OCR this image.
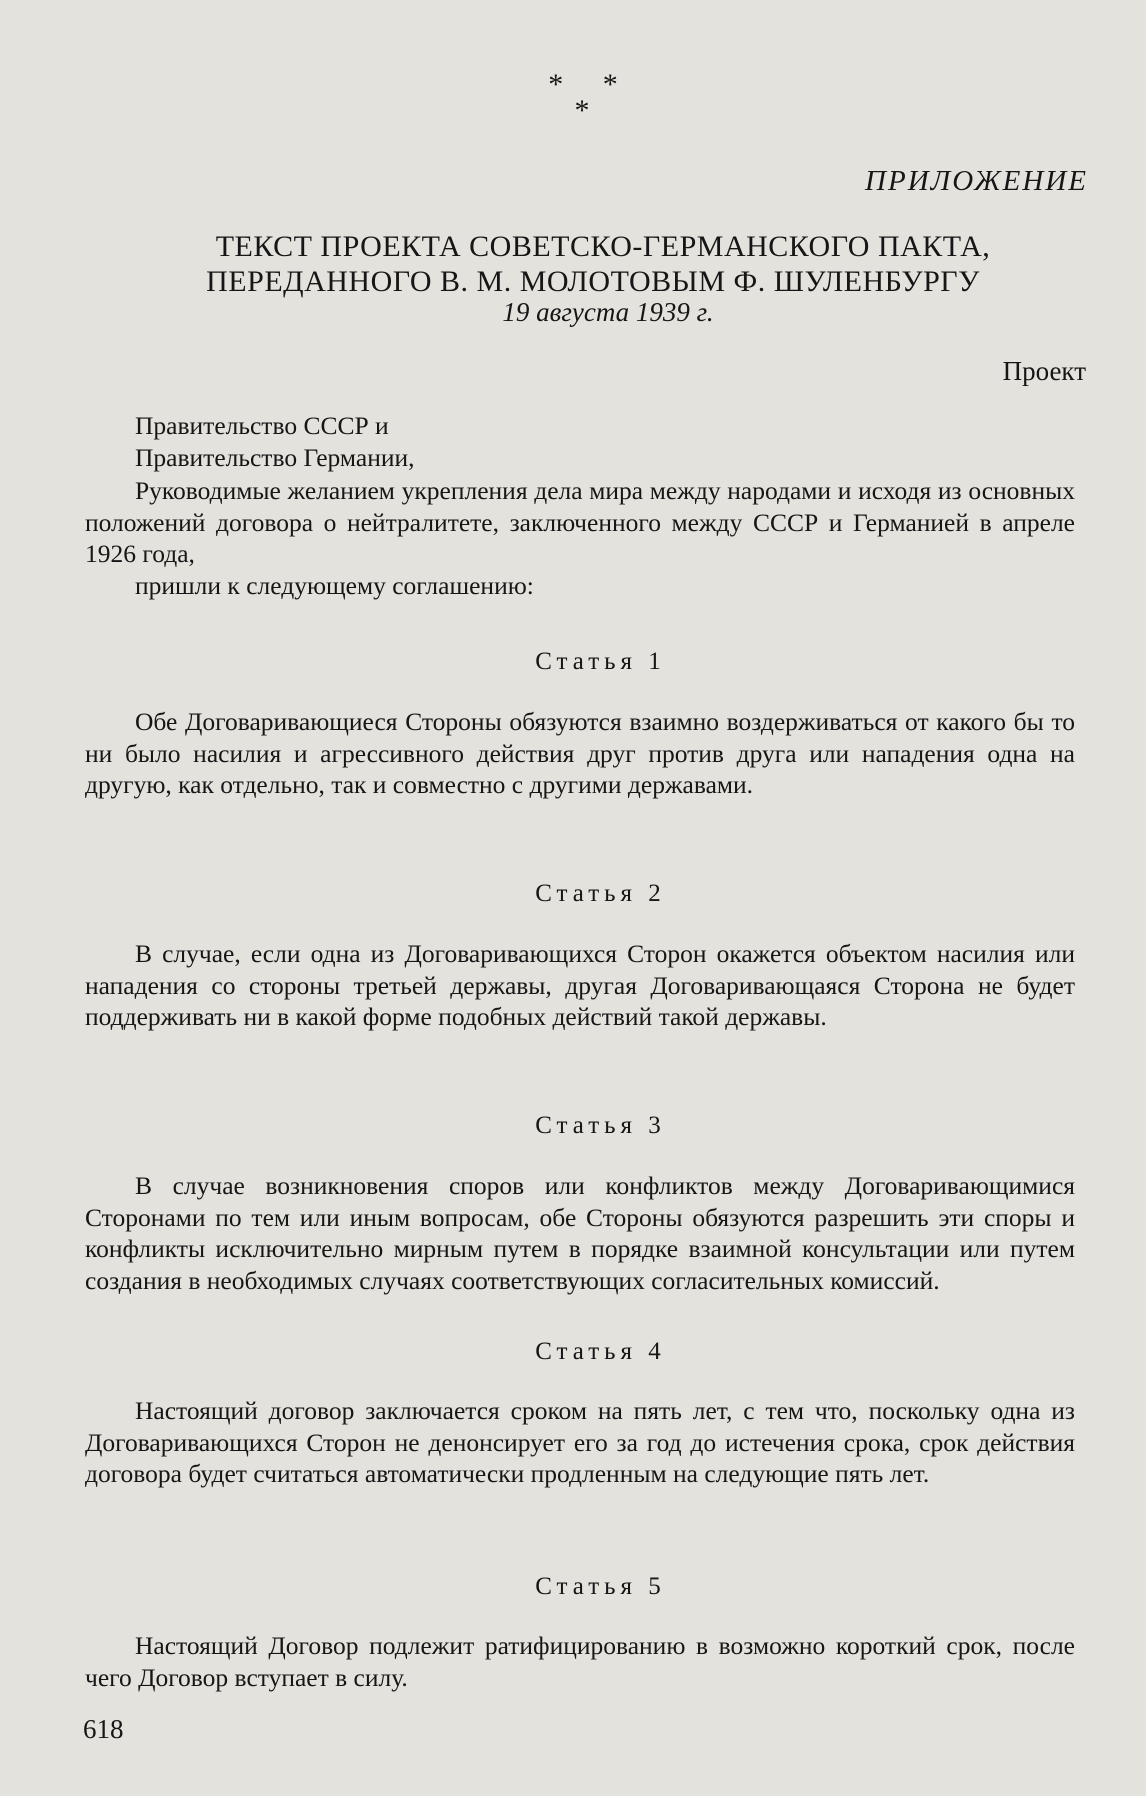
* *
*
ПРИЛОЖЕНИЕ
ТЕКСТ ПРОЕКТА СОВЕТСКО-ГЕРМАНСКОГО ПАКТА,
ПЕРЕДАННОГО В. М. МОЛОТОВЫМ Ф. ШУЛЕНБУРГУ
19 августа 1939 г.
Проект
Правительство СССР и
Правительство Германии,
Руководимые желанием укрепления дела мира между народами и исходя из основных положений договора о нейтралитете, заключенного между СССР и Германией в апреле 1926 года,
пришли к следующему соглашению:
Статья 1
Обе Договаривающиеся Стороны обязуются взаимно воздерживаться от какого бы то ни было насилия и агрессивного действия друг против друга или нападения одна на другую, как отдельно, так и совместно с другими державами.
Статья 2
В случае, если одна из Договаривающихся Сторон окажется объектом насилия или нападения со стороны третьей державы, другая Договаривающаяся Сторона не будет поддерживать ни в какой форме подобных действий такой державы.
Статья 3
В случае возникновения споров или конфликтов между Договаривающимися Сторонами по тем или иным вопросам, обе Стороны обязуются разрешить эти споры и конфликты исключительно мирным путем в порядке взаимной консультации или путем создания в необходимых случаях соответствующих согласительных комиссий.
Статья 4
Настоящий договор заключается сроком на пять лет, с тем что, поскольку одна из Договаривающихся Сторон не денонсирует его за год до истечения срока, срок действия договора будет считаться автоматически продленным на следующие пять лет.
Статья 5
Настоящий Договор подлежит ратифицированию в возможно короткий срок, после чего Договор вступает в силу.
618
